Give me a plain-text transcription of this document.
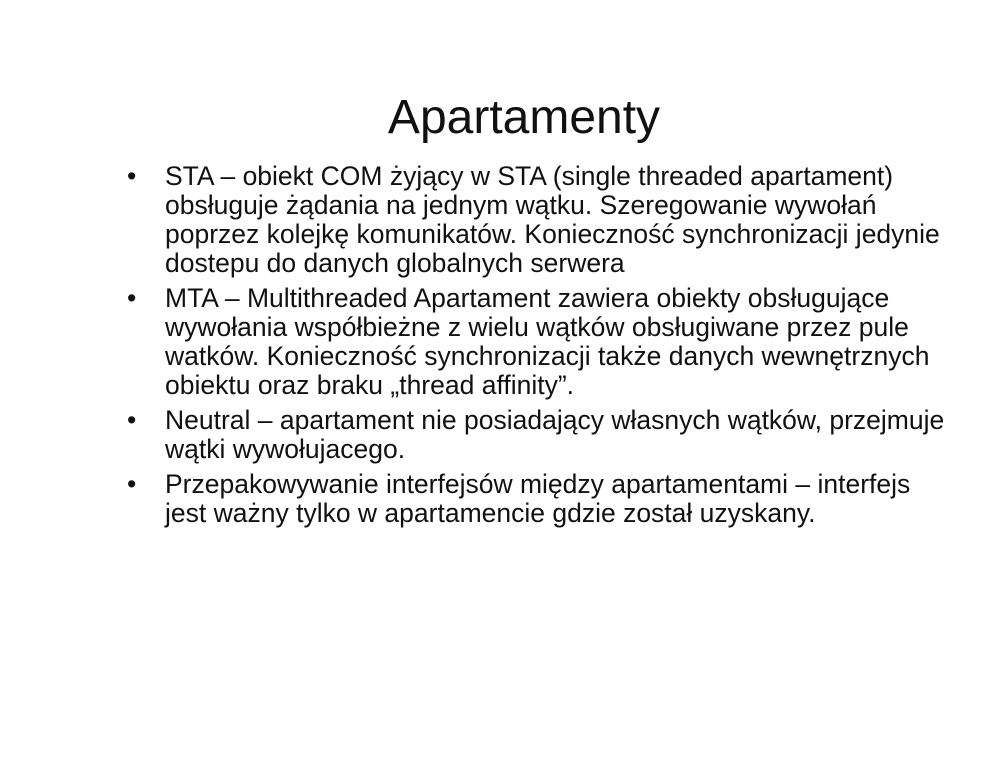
Apartamenty
•	STA – obiekt COM żyjący w STA (single threaded apartament) obsługuje żądania na jednym wątku. Szeregowanie wywołań poprzez kolejkę komunikatów. Konieczność synchronizacji jedynie dostepu do danych globalnych serwera
•	MTA – Multithreaded Apartament zawiera obiekty obsługujące wywołania współbieżne z wielu wątków obsługiwane przez pule watków. Konieczność synchronizacji także danych wewnętrznych obiektu oraz braku „thread affinity”.
•	Neutral – apartament nie posiadający własnych wątków, przejmuje wątki wywołujacego.
•	Przepakowywanie interfejsów między apartamentami – interfejs jest ważny tylko w apartamencie gdzie został uzyskany.
